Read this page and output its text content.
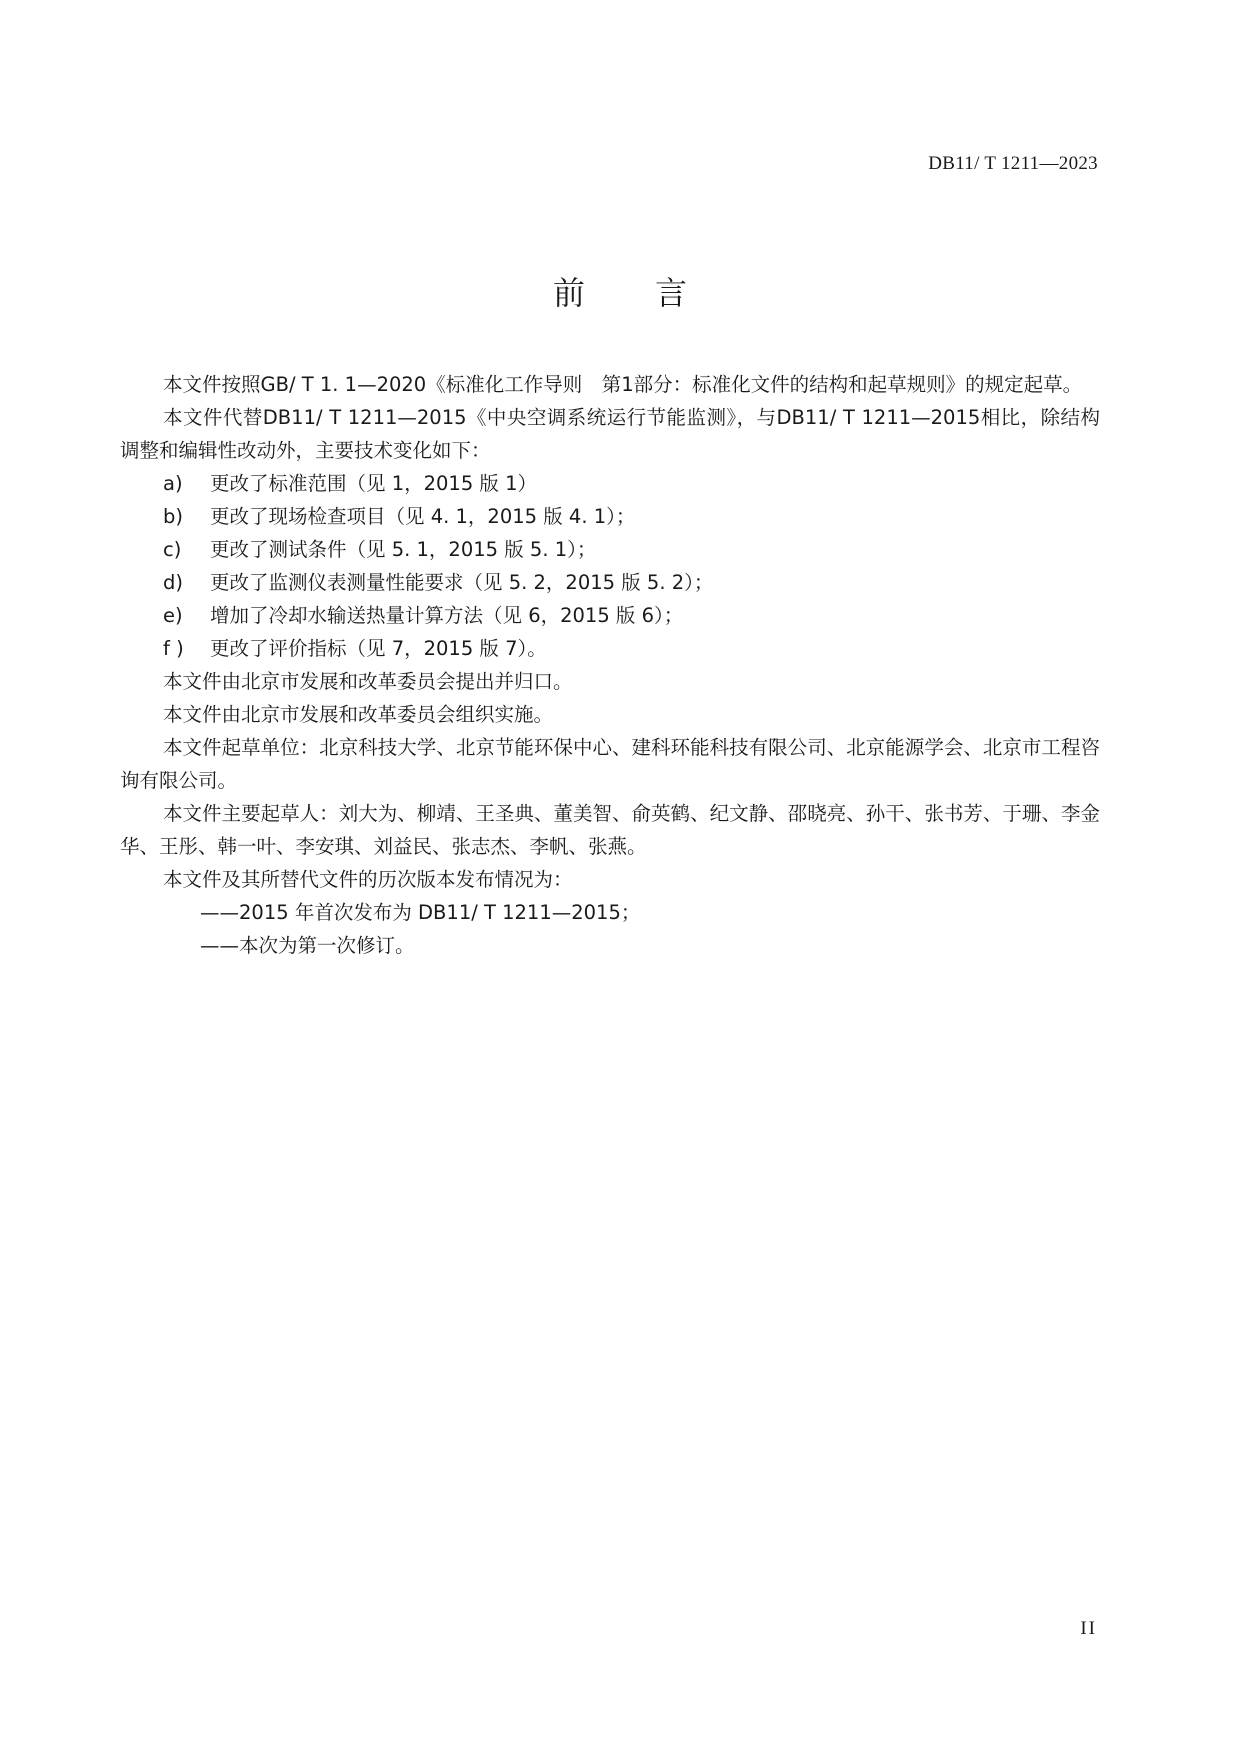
DB11/ T 1211—2023
前 言

本文件按照GB/ T 1. 1—2020《标准化工作导则　第1部分：标准化文件的结构和起草规则》的规定起草。

本文件代替DB11/ T 1211—2015《中央空调系统运行节能监测》，与DB11/ T 1211—2015相比，除结构调整和编辑性改动外，主要技术变化如下：

a) 更改了标准范围（见 1，2015 版 1）

b) 更改了现场检查项目（见 4. 1，2015 版 4. 1）；

c) 更改了测试条件（见 5. 1，2015 版 5. 1）；

d) 更改了监测仪表测量性能要求（见 5. 2，2015 版 5. 2）；

e) 增加了冷却水输送热量计算方法（见 6，2015 版 6）；

f ) 更改了评价指标（见 7，2015 版 7）。

本文件由北京市发展和改革委员会提出并归口。

本文件由北京市发展和改革委员会组织实施。

本文件起草单位：北京科技大学、北京节能环保中心、建科环能科技有限公司、北京能源学会、北京市工程咨询有限公司。

本文件主要起草人：刘大为、柳靖、王圣典、董美智、俞英鹤、纪文静、邵晓亮、孙干、张书芳、于珊、李金华、王彤、韩一叶、李安琪、刘益民、张志杰、李帆、张燕。

本文件及其所替代文件的历次版本发布情况为：

——2015 年首次发布为 DB11/ T 1211—2015；

——本次为第一次修订。

II
